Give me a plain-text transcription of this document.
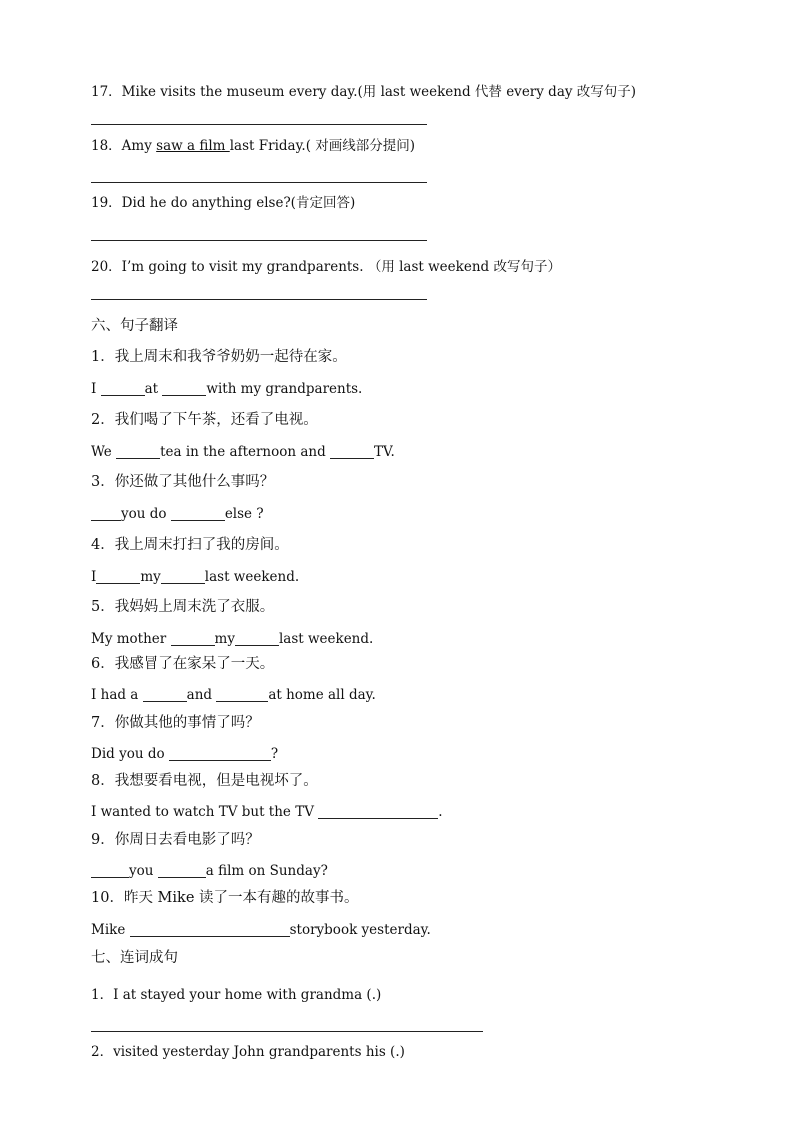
17．Mike visits the museum every day.(用 last weekend 代替 every day 改写句子)
18．Amy saw a film last Friday.( 对画线部分提问)
19．Did he do anything else?(肯定回答)
20．I’m going to visit my grandparents. （用 last weekend 改写句子）
六、句子翻译
1．我上周末和我爷爷奶奶一起待在家。
I	at	with my grandparents.
2．我们喝了下午茶，还看了电视。
We	tea in the afternoon and	TV.
3．你还做了其他什么事吗？
you do	else ?
4．我上周末打扫了我的房间。
I	my	last weekend.
5．我妈妈上周末洗了衣服。
My mother	my	last weekend.
6．我感冒了在家呆了一天。
I had a	and	at home all day.
7．你做其他的事情了吗？
Did you do	?
8．我想要看电视，但是电视坏了。
I wanted to watch TV but the TV	.
9．你周日去看电影了吗？
you	a film on Sunday?
10．昨天 Mike 读了一本有趣的故事书。
Mike	storybook yesterday.
七、连词成句
1．I at stayed your home with grandma (.)
2．visited yesterday John grandparents his (.)
